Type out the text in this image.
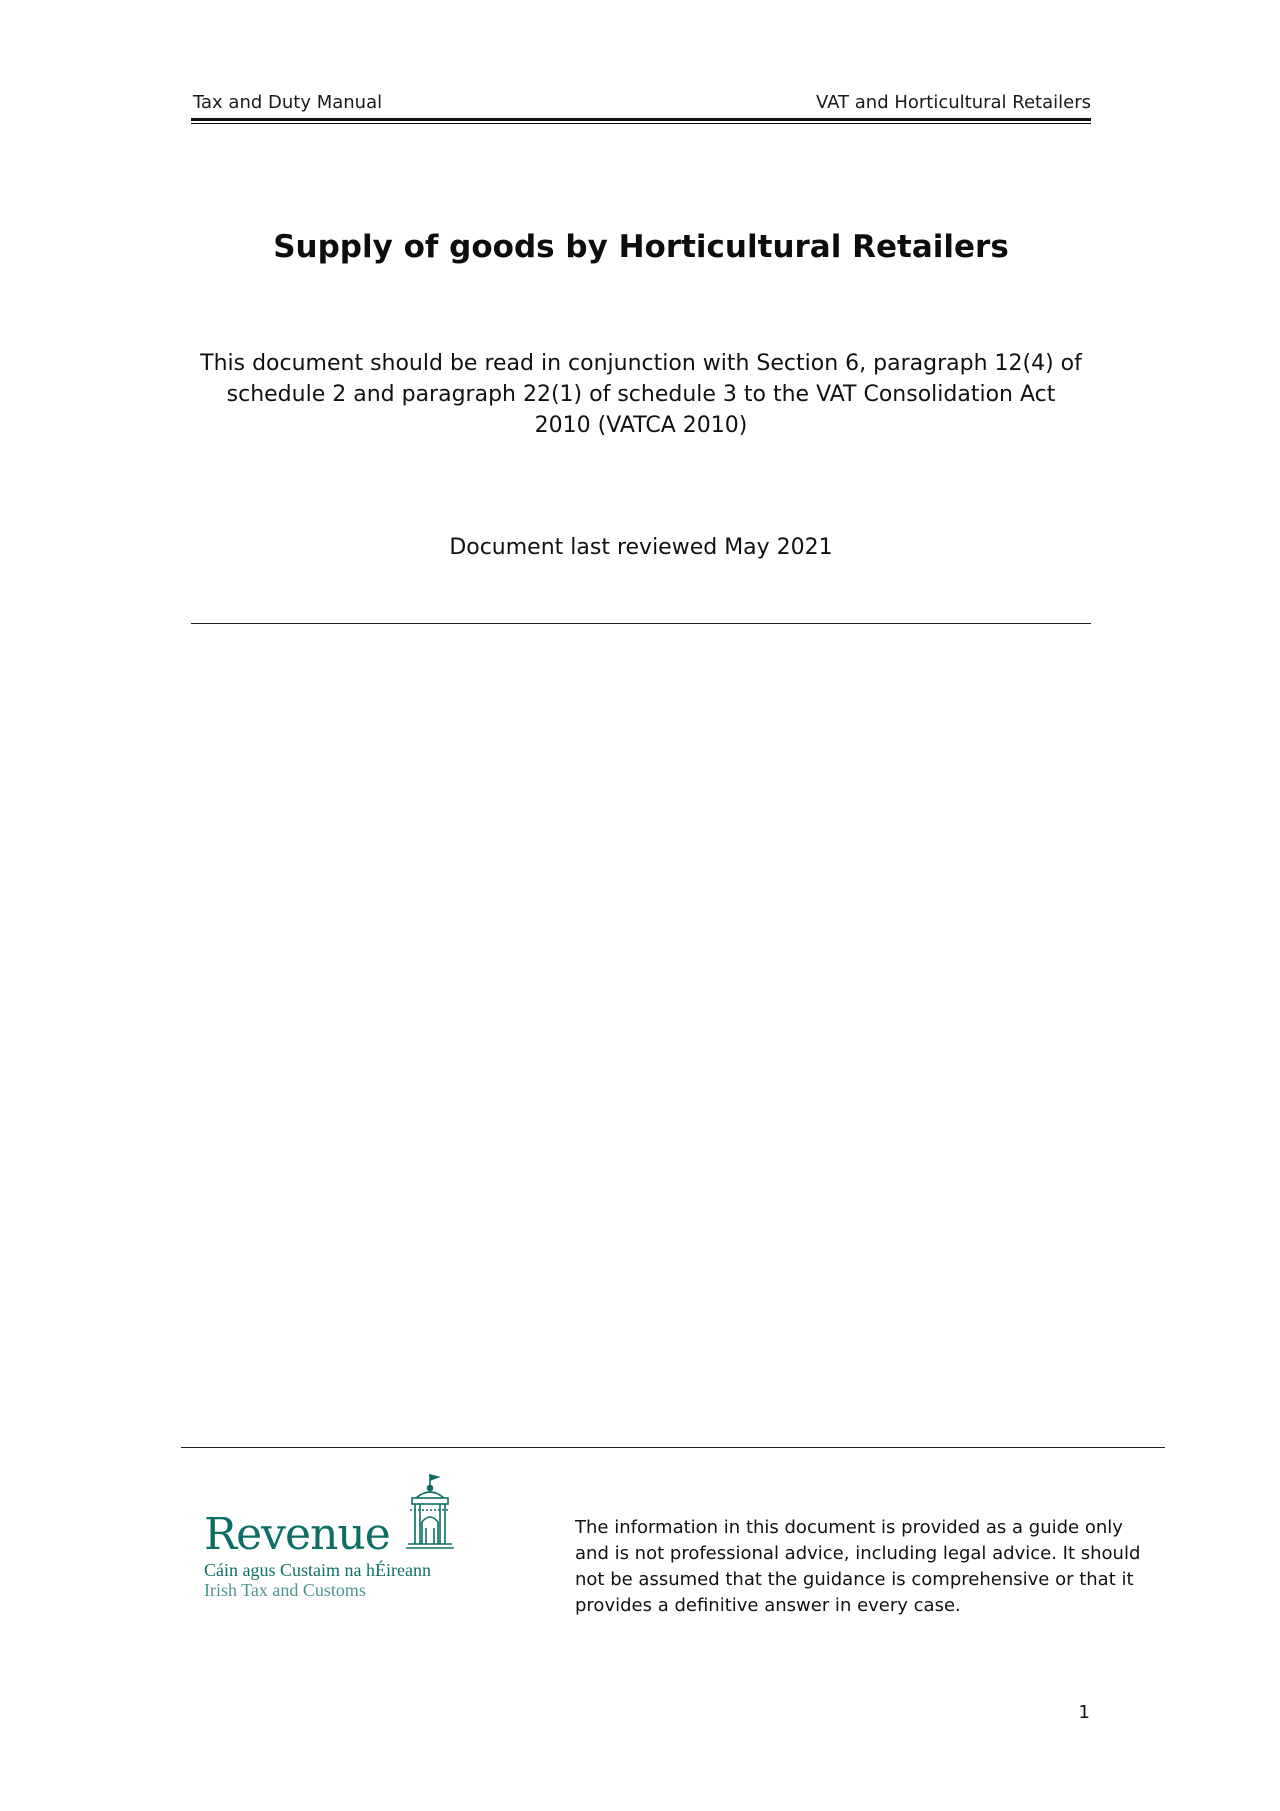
Tax and Duty Manual	VAT and Horticultural Retailers
Supply of goods by Horticultural Retailers
This document should be read in conjunction with Section 6, paragraph 12(4) of schedule 2 and paragraph 22(1) of schedule 3 to the VAT Consolidation Act 2010 (VATCA 2010)
Document last reviewed May 2021
Revenue
Cáin agus Custaim na hÉireann
Irish Tax and Customs
The information in this document is provided as a guide only and is not professional advice, including legal advice. It should not be assumed that the guidance is comprehensive or that it provides a definitive answer in every case.
1
